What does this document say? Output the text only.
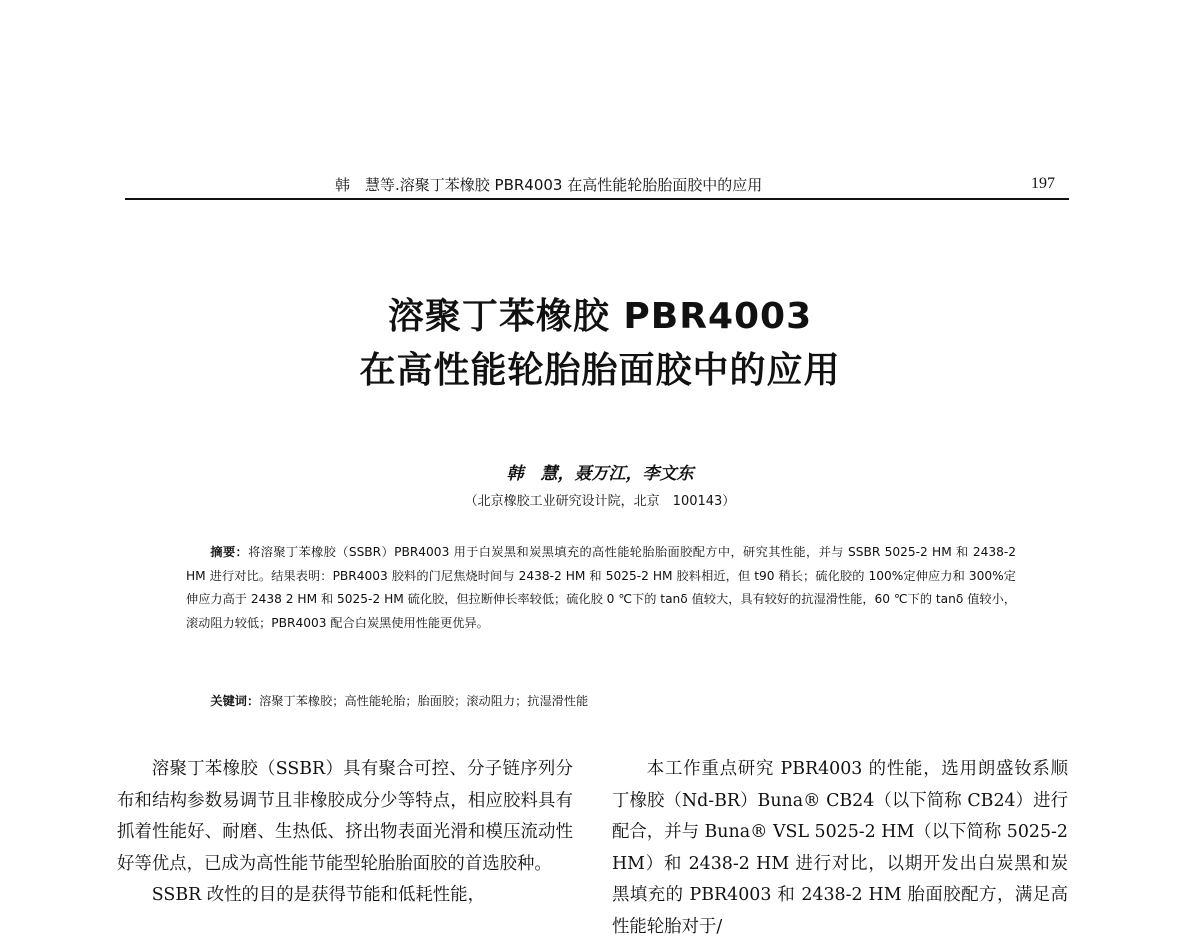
韩　慧等.溶聚丁苯橡胶 PBR4003 在高性能轮胎胎面胶中的应用	197
溶聚丁苯橡胶 PBR4003
在高性能轮胎胎面胶中的应用
韩　慧，聂万江，李文东
（北京橡胶工业研究设计院，北京　100143）

摘要：将溶聚丁苯橡胶（SSBR）PBR4003 用于白炭黑和炭黑填充的高性能轮胎胎面胶配方中，研究其性能，并与 SSBR 5025-2 HM 和 2438-2 HM 进行对比。结果表明：PBR4003 胶料的门尼焦烧时间与 2438-2 HM 和 5025-2 HM 胶料相近，但 t90 稍长；硫化胶的 100%定伸应力和 300%定伸应力高于 2438 2 HM 和 5025-2 HM 硫化胶，但拉断伸长率较低；硫化胶 0 ℃下的 tanδ 值较大，具有较好的抗湿滑性能，60 ℃下的 tanδ 值较小，滚动阻力较低；PBR4003 配合白炭黑使用性能更优异。

关键词：溶聚丁苯橡胶；高性能轮胎；胎面胶；滚动阻力；抗湿滑性能

溶聚丁苯橡胶（SSBR）具有聚合可控、分子链序列分布和结构参数易调节且非橡胶成分少等特点，相应胶料具有抓着性能好、耐磨、生热低、挤出物表面光滑和模压流动性好等优点，已成为高性能节能型轮胎胎面胶的首选胶种。

SSBR 改性的目的是获得节能和低耗性能，

本工作重点研究 PBR4003 的性能，选用朗盛钕系顺丁橡胶（Nd-BR）Buna® CB24（以下简称 CB24）进行配合，并与 Buna® VSL 5025-2 HM（以下简称 5025-2 HM）和 2438-2 HM 进行对比，以期开发出白炭黑和炭黑填充的 PBR4003 和 2438-2 HM 胎面胶配方，满足高性能轮胎对于/
